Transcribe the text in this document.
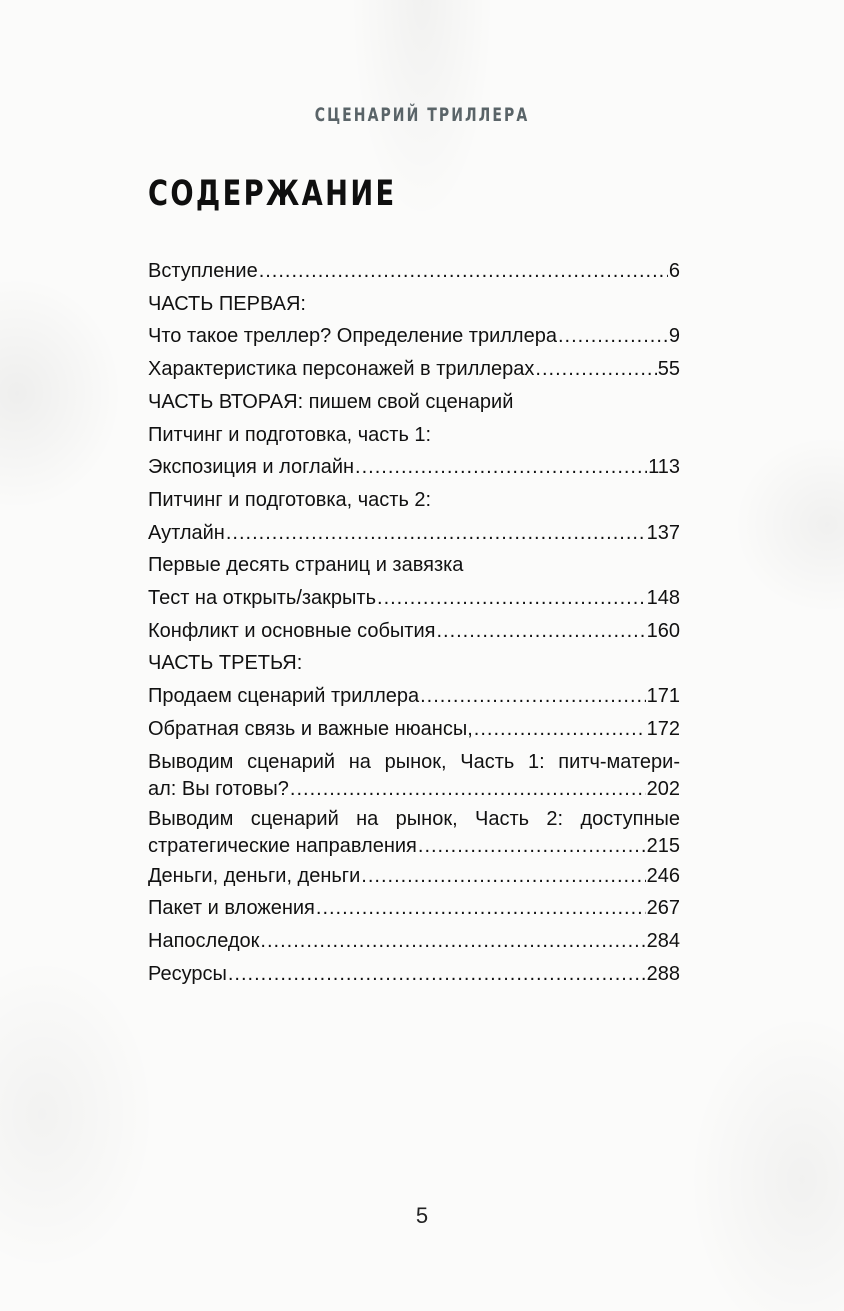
СЦЕНАРИЙ ТРИЛЛЕРА
СОДЕРЖАНИЕ
Вступление .....	6
ЧАСТЬ ПЕРВАЯ:
Что такое треллер? Определение триллера .....	9
Характеристика персонажей в триллерах .....	55
ЧАСТЬ ВТОРАЯ: пишем свой сценарий
Питчинг и подготовка, часть 1:
Экспозиция и логлайн .....	113
Питчинг и подготовка, часть 2:
Аутлайн .....	137
Первые десять страниц и завязка
Тест на открыть/закрыть .....	148
Конфликт и основные события .....	160
ЧАСТЬ ТРЕТЬЯ:
Продаем сценарий триллера .....	171
Обратная связь и важные нюансы, .....	172
Выводим сценарий на рынок, Часть 1: питч-матери-
ал: Вы готовы? .....	202
Выводим сценарий на рынок, Часть 2: доступные
стратегические направления .....	215
Деньги, деньги, деньги .....	246
Пакет и вложения .....	267
Напоследок .....	284
Ресурсы .....	288
5
